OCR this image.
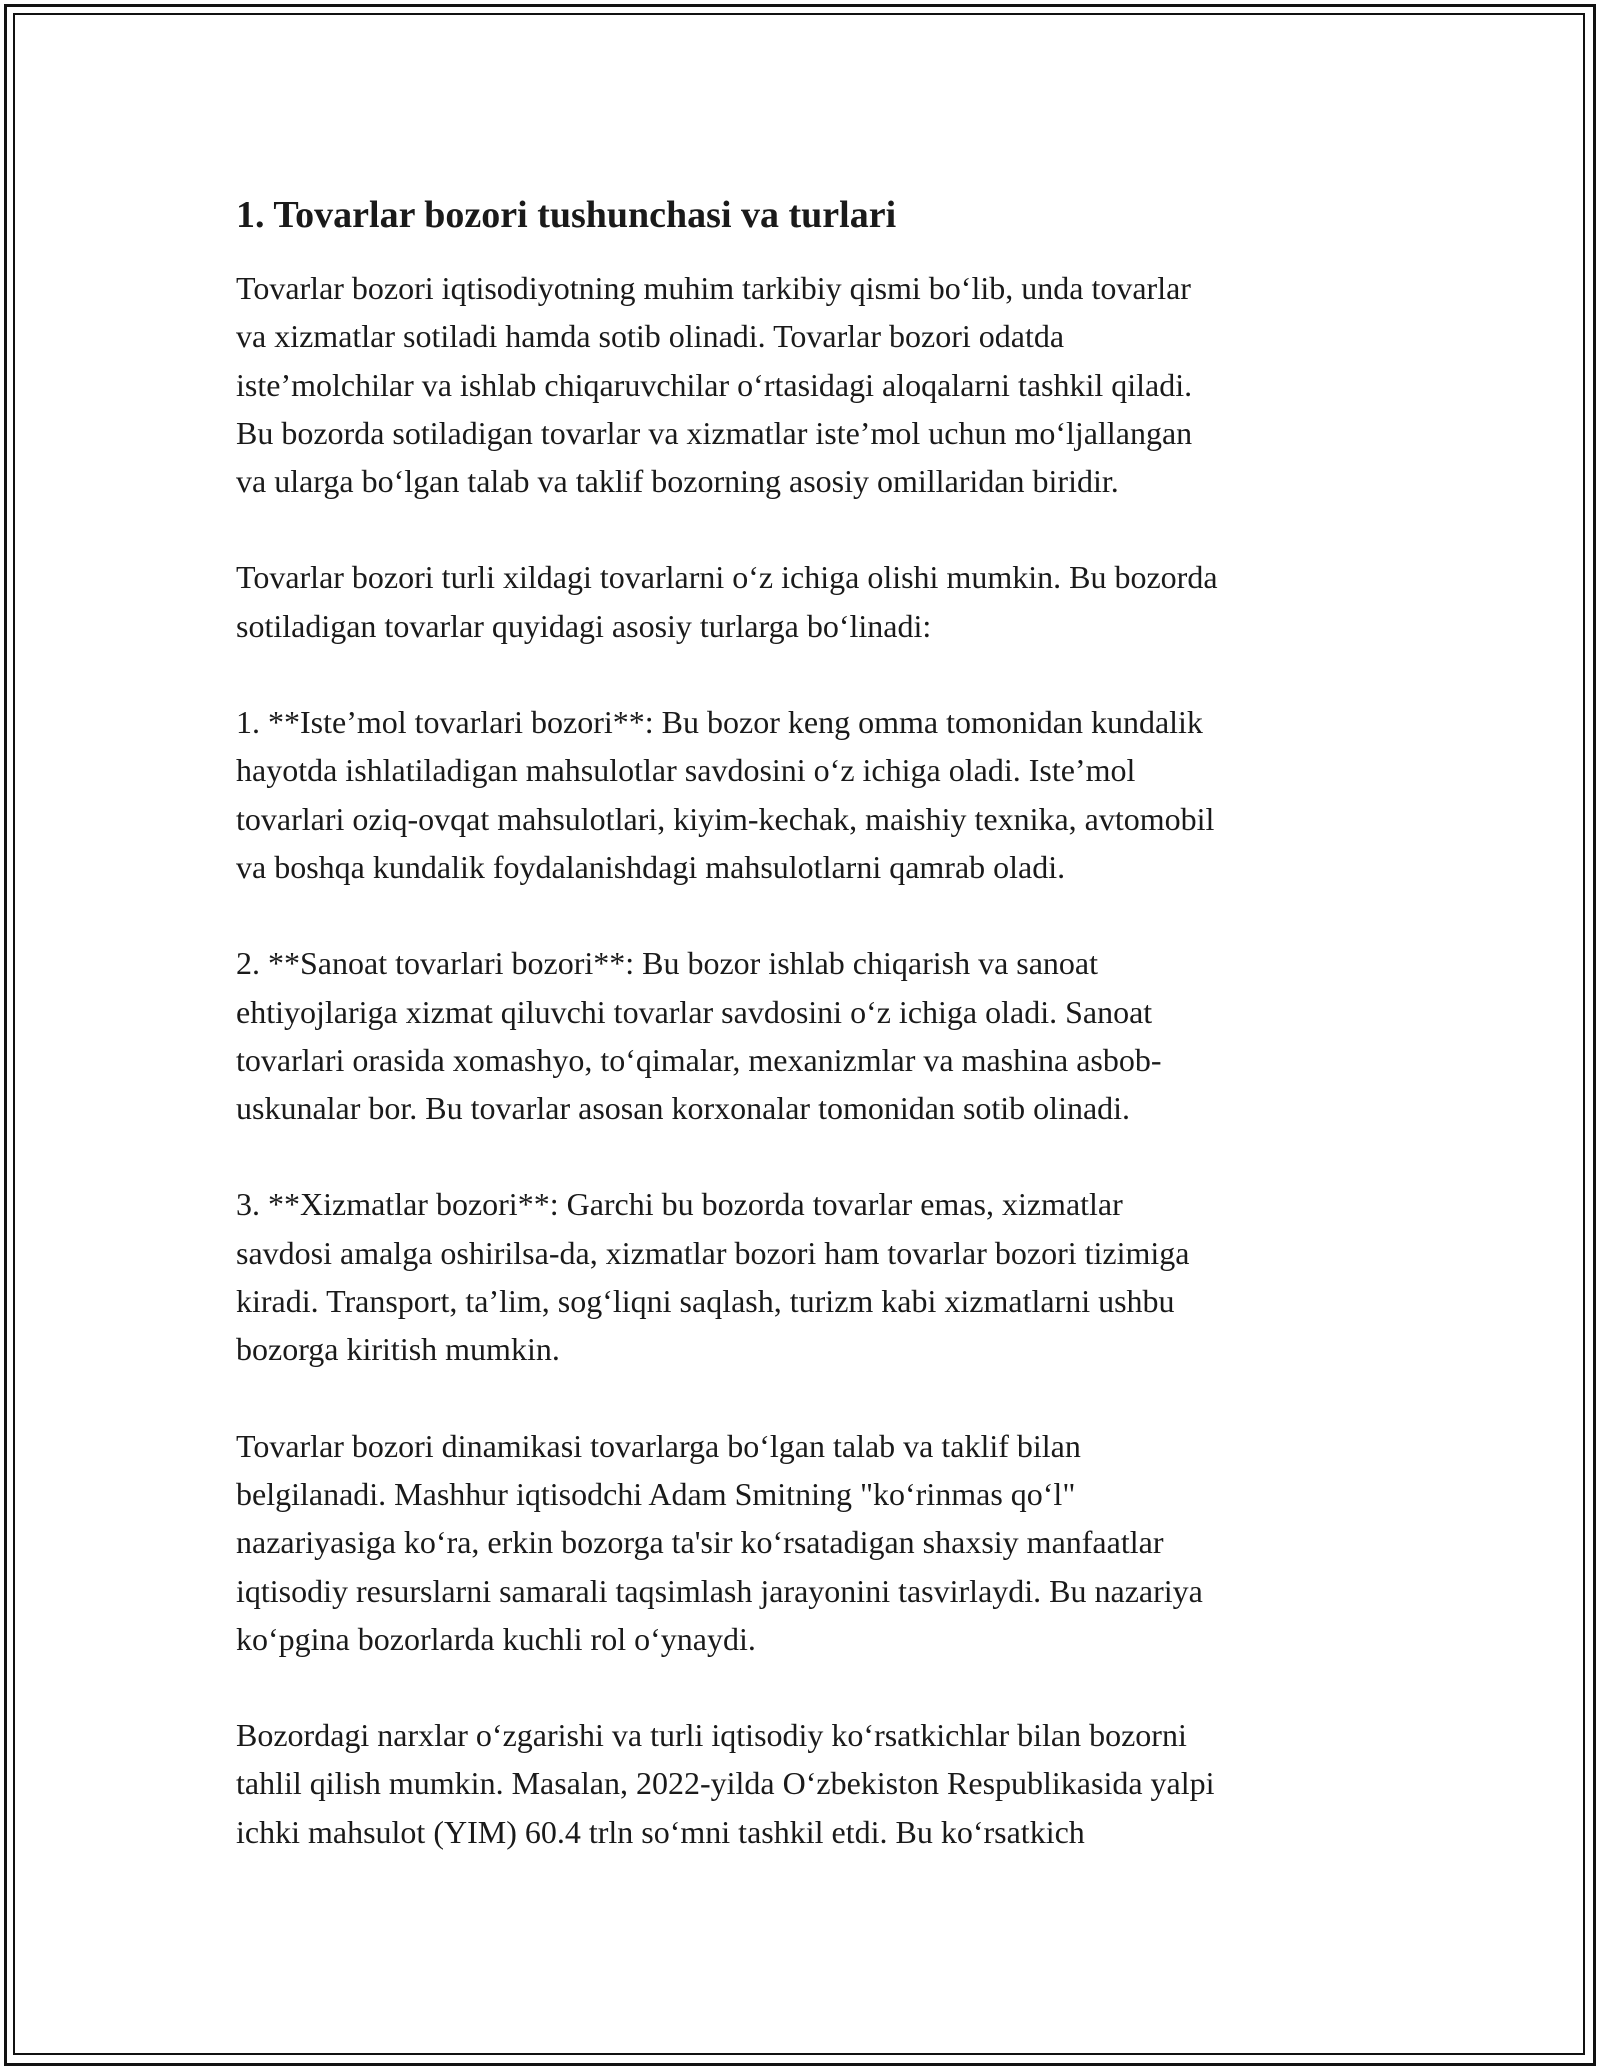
1. Tovarlar bozori tushunchasi va turlari

Tovarlar bozori iqtisodiyotning muhim tarkibiy qismi bo‘lib, unda tovarlar
va xizmatlar sotiladi hamda sotib olinadi. Tovarlar bozori odatda
iste’molchilar va ishlab chiqaruvchilar o‘rtasidagi aloqalarni tashkil qiladi.
Bu bozorda sotiladigan tovarlar va xizmatlar iste’mol uchun mo‘ljallangan
va ularga bo‘lgan talab va taklif bozorning asosiy omillaridan biridir.

Tovarlar bozori turli xildagi tovarlarni o‘z ichiga olishi mumkin. Bu bozorda
sotiladigan tovarlar quyidagi asosiy turlarga bo‘linadi:

1. **Iste’mol tovarlari bozori**: Bu bozor keng omma tomonidan kundalik
hayotda ishlatiladigan mahsulotlar savdosini o‘z ichiga oladi. Iste’mol
tovarlari oziq-ovqat mahsulotlari, kiyim-kechak, maishiy texnika, avtomobil
va boshqa kundalik foydalanishdagi mahsulotlarni qamrab oladi.

2. **Sanoat tovarlari bozori**: Bu bozor ishlab chiqarish va sanoat
ehtiyojlariga xizmat qiluvchi tovarlar savdosini o‘z ichiga oladi. Sanoat
tovarlari orasida xomashyo, to‘qimalar, mexanizmlar va mashina asbob-
uskunalar bor. Bu tovarlar asosan korxonalar tomonidan sotib olinadi.

3. **Xizmatlar bozori**: Garchi bu bozorda tovarlar emas, xizmatlar
savdosi amalga oshirilsa-da, xizmatlar bozori ham tovarlar bozori tizimiga
kiradi. Transport, ta’lim, sog‘liqni saqlash, turizm kabi xizmatlarni ushbu
bozorga kiritish mumkin.

Tovarlar bozori dinamikasi tovarlarga bo‘lgan talab va taklif bilan
belgilanadi. Mashhur iqtisodchi Adam Smitning "ko‘rinmas qo‘l"
nazariyasiga ko‘ra, erkin bozorga ta'sir ko‘rsatadigan shaxsiy manfaatlar
iqtisodiy resurslarni samarali taqsimlash jarayonini tasvirlaydi. Bu nazariya
ko‘pgina bozorlarda kuchli rol o‘ynaydi.

Bozordagi narxlar o‘zgarishi va turli iqtisodiy ko‘rsatkichlar bilan bozorni
tahlil qilish mumkin. Masalan, 2022-yilda O‘zbekiston Respublikasida yalpi
ichki mahsulot (YIM) 60.4 trln so‘mni tashkil etdi. Bu ko‘rsatkich
